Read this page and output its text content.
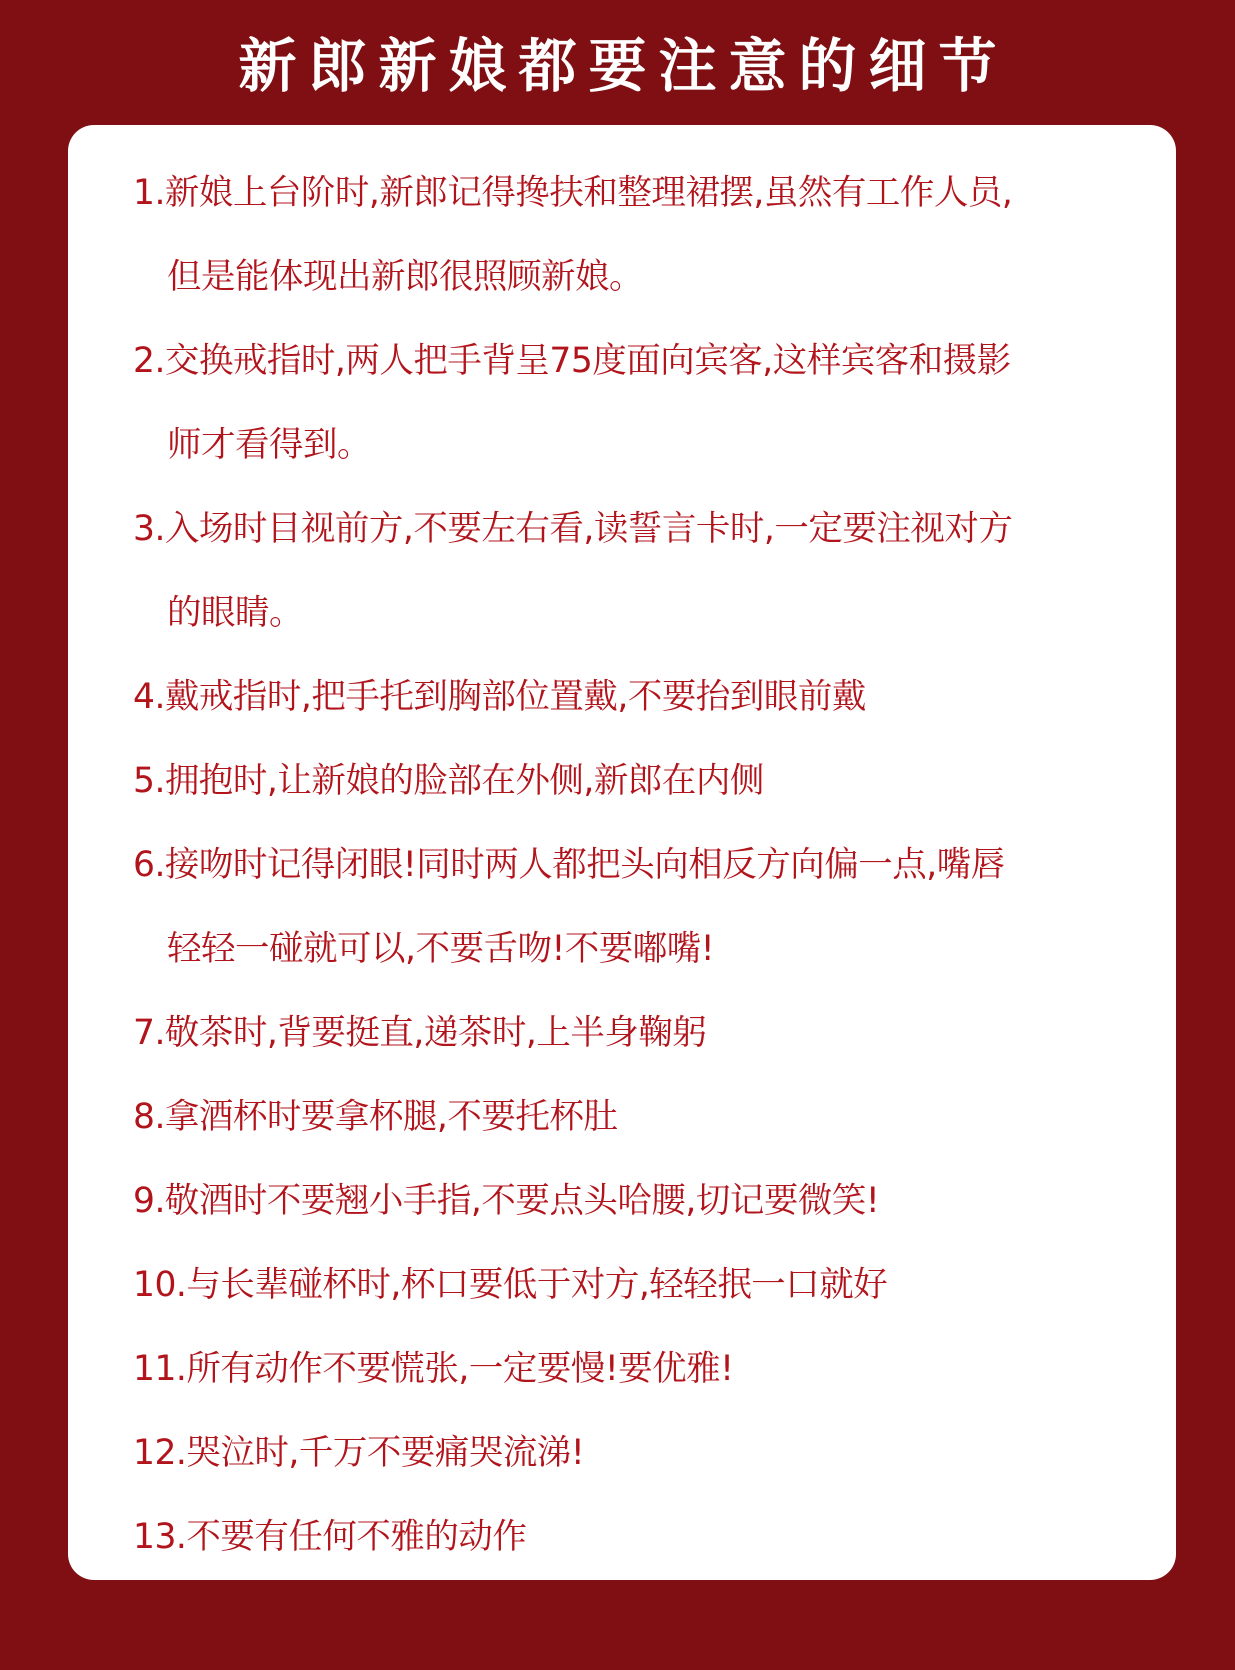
新郎新娘都要注意的细节
1.新娘上台阶时,新郎记得搀扶和整理裙摆,虽然有工作人员,
但是能体现出新郎很照顾新娘。
2.交换戒指时,两人把手背呈75度面向宾客,这样宾客和摄影
师才看得到。
3.入场时目视前方,不要左右看,读誓言卡时,一定要注视对方
的眼睛。
4.戴戒指时,把手托到胸部位置戴,不要抬到眼前戴
5.拥抱时,让新娘的脸部在外侧,新郎在内侧
6.接吻时记得闭眼!同时两人都把头向相反方向偏一点,嘴唇
轻轻一碰就可以,不要舌吻!不要嘟嘴!
7.敬茶时,背要挺直,递茶时,上半身鞠躬
8.拿酒杯时要拿杯腿,不要托杯肚
9.敬酒时不要翘小手指,不要点头哈腰,切记要微笑!
10.与长辈碰杯时,杯口要低于对方,轻轻抿一口就好
11.所有动作不要慌张,一定要慢!要优雅!
12.哭泣时,千万不要痛哭流涕!
13.不要有任何不雅的动作
